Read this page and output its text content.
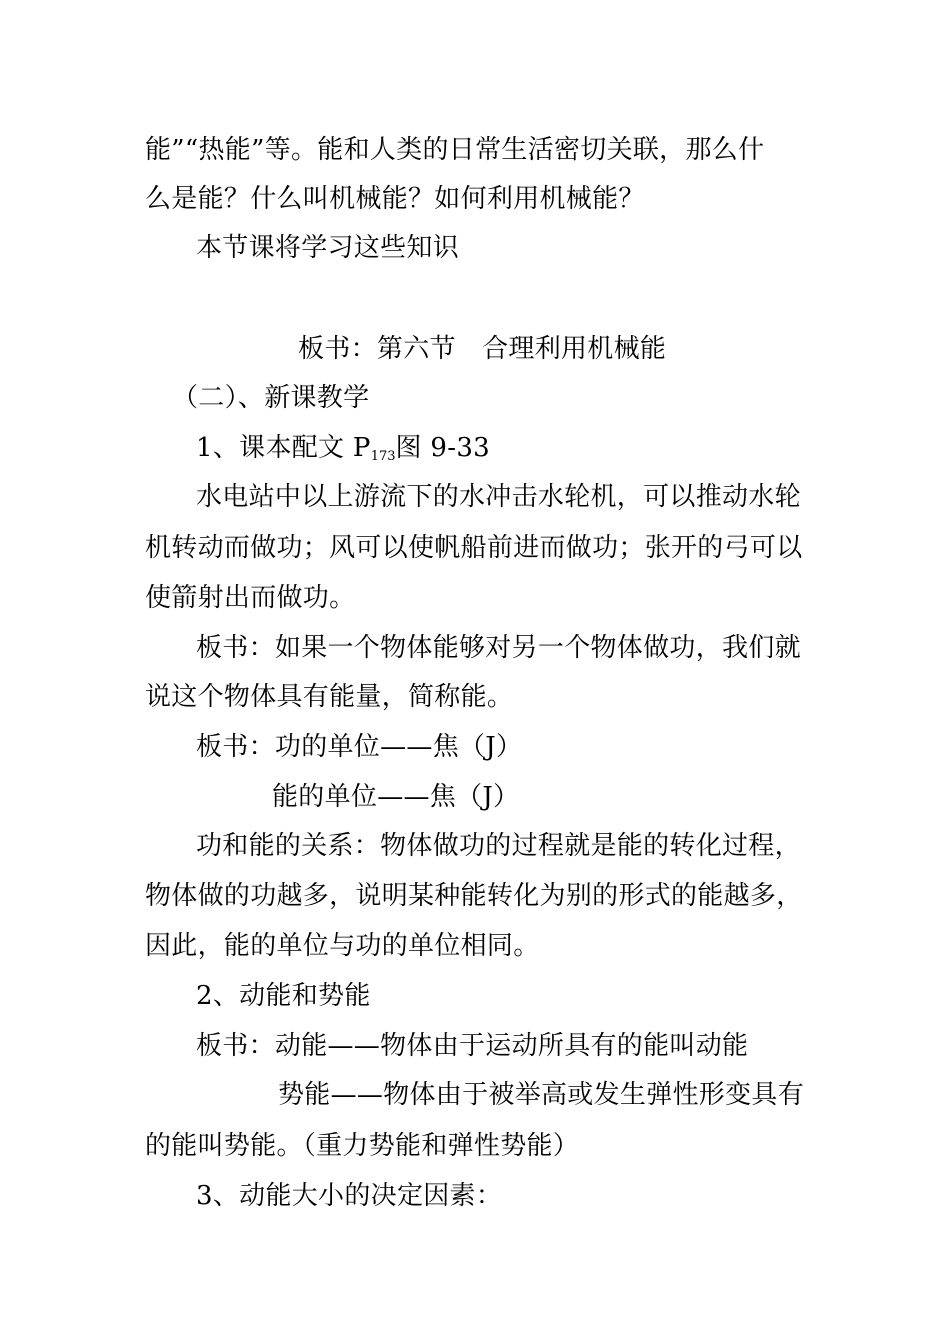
能”“热能”等。能和人类的日常生活密切关联，那么什
么是能？什么叫机械能？如何利用机械能？
本节课将学习这些知识
板书：第六节　合理利用机械能
（二）、新课教学
1、课本配文 $P_{173}$图 9-33
水电站中以上游流下的水冲击水轮机，可以推动水轮
机转动而做功；风可以使帆船前进而做功；张开的弓可以
使箭射出而做功。
板书：如果一个物体能够对另一个物体做功，我们就
说这个物体具有能量，简称能。
板书：功的单位——焦（J）
能的单位——焦（J）
功和能的关系：物体做功的过程就是能的转化过程，
物体做的功越多，说明某种能转化为别的形式的能越多，
因此，能的单位与功的单位相同。
2、动能和势能
板书：动能——物体由于运动所具有的能叫动能
势能——物体由于被举高或发生弹性形变具有
的能叫势能。（重力势能和弹性势能）
3、动能大小的决定因素：
